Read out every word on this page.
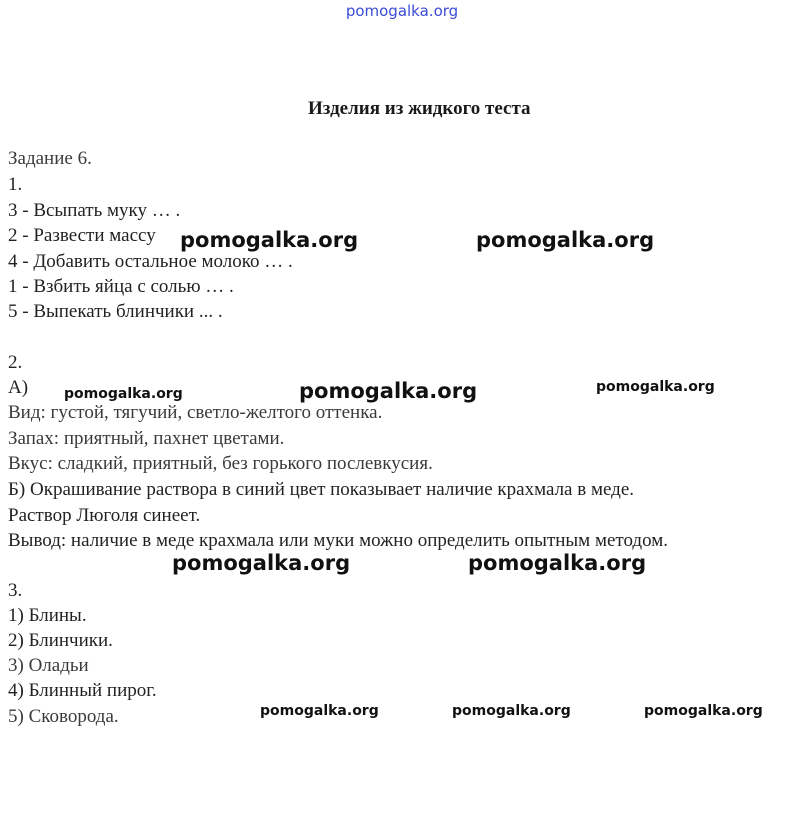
pomogalka.org
Изделия из жидкого теста
Задание 6.
1.
3 - Всыпать муку … .
2 - Развести массу
4 - Добавить остальное молоко … .
1 - Взбить яйца с солью … .
5 - Выпекать блинчики ... .
2.
А)
Вид: густой, тягучий, светло-желтого оттенка.
Запах: приятный, пахнет цветами.
Вкус: сладкий, приятный, без горького послевкусия.
Б) Окрашивание раствора в синий цвет показывает наличие крахмала в меде.
Раствор Люголя синеет.
Вывод: наличие в меде крахмала или муки можно определить опытным методом.
3.
1) Блины.
2) Блинчики.
3) Оладьи
4) Блинный пирог.
5) Сковорода.
pomogalka.org	pomogalka.org
pomogalka.org	pomogalka.org	pomogalka.org
pomogalka.org	pomogalka.org
pomogalka.org	pomogalka.org	pomogalka.org
